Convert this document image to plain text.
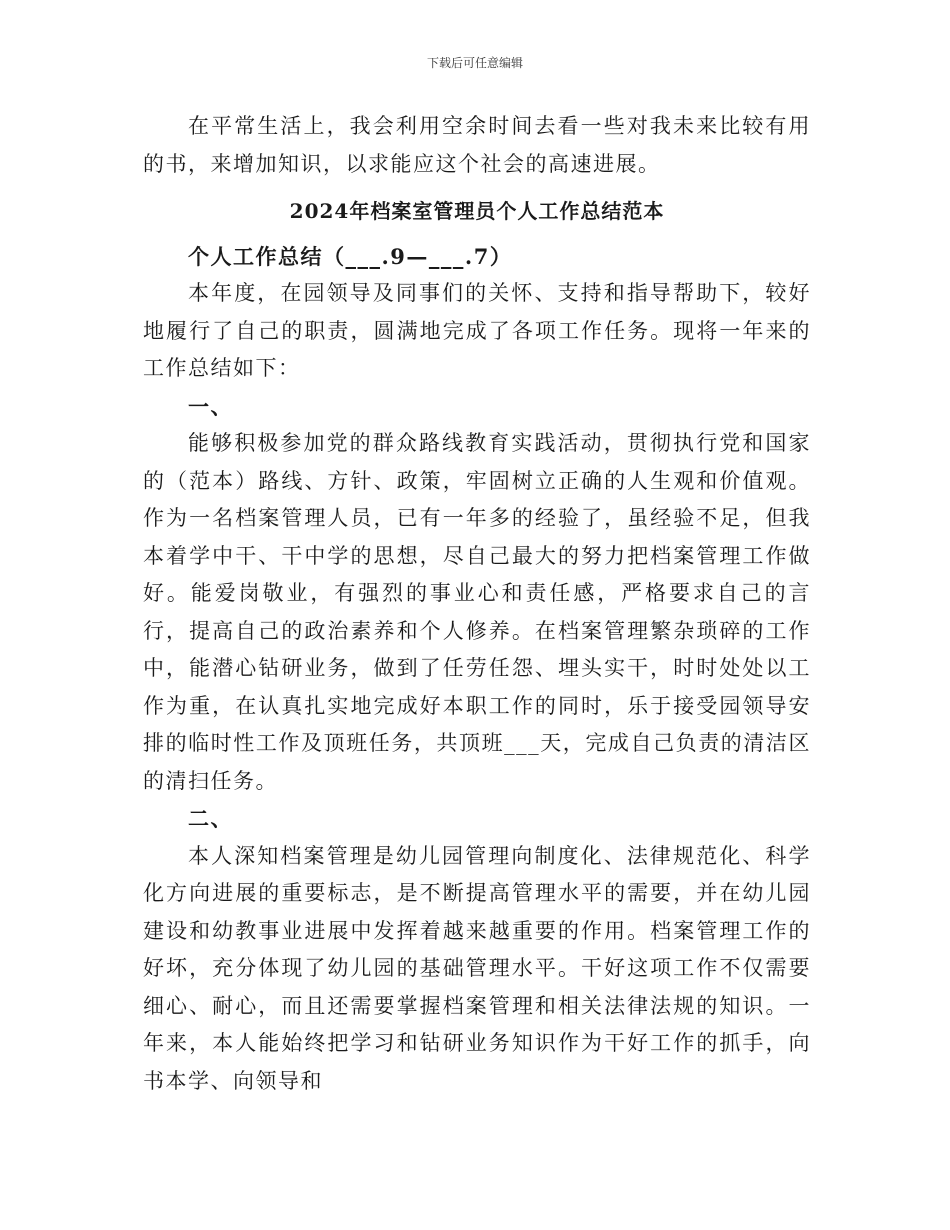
下载后可任意编辑

在平常生活上，我会利用空余时间去看一些对我未来比较有用的书，来增加知识，以求能应这个社会的高速进展。

2024年档案室管理员个人工作总结范本

个人工作总结（___.9—___.7）

本年度，在园领导及同事们的关怀、支持和指导帮助下，较好地履行了自己的职责，圆满地完成了各项工作任务。现将一年来的工作总结如下：

一、

能够积极参加党的群众路线教育实践活动，贯彻执行党和国家的（范本）路线、方针、政策，牢固树立正确的人生观和价值观。作为一名档案管理人员，已有一年多的经验了，虽经验不足，但我本着学中干、干中学的思想，尽自己最大的努力把档案管理工作做好。能爱岗敬业，有强烈的事业心和责任感，严格要求自己的言行，提高自己的政治素养和个人修养。在档案管理繁杂琐碎的工作中，能潜心钻研业务，做到了任劳任怨、埋头实干，时时处处以工作为重，在认真扎实地完成好本职工作的同时，乐于接受园领导安排的临时性工作及顶班任务，共顶班___天，完成自己负责的清洁区的清扫任务。

二、

本人深知档案管理是幼儿园管理向制度化、法律规范化、科学化方向进展的重要标志，是不断提高管理水平的需要，并在幼儿园建设和幼教事业进展中发挥着越来越重要的作用。档案管理工作的好坏，充分体现了幼儿园的基础管理水平。干好这项工作不仅需要细心、耐心，而且还需要掌握档案管理和相关法律法规的知识。一年来，本人能始终把学习和钻研业务知识作为干好工作的抓手，向书本学、向领导和
